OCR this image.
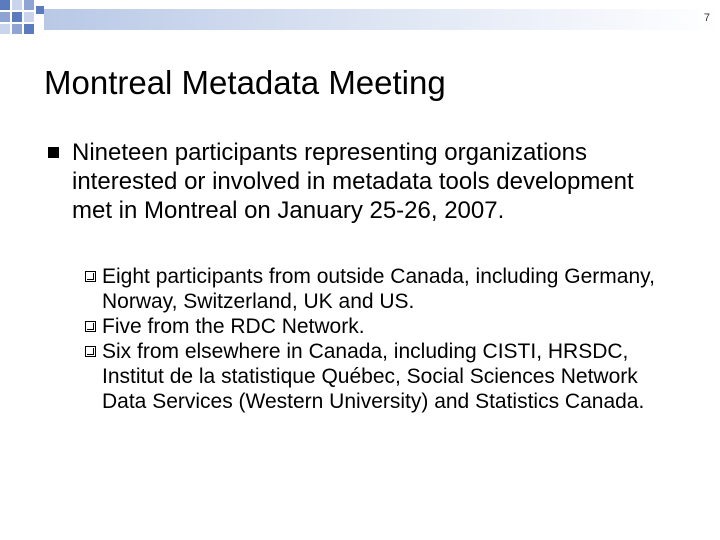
7
Montreal Metadata Meeting
Nineteen participants representing organizations interested or involved in metadata tools development met in Montreal on January 25-26, 2007.
Eight participants from outside Canada, including Germany, Norway, Switzerland, UK and US.
Five from the RDC Network.
Six from elsewhere in Canada, including CISTI, HRSDC, Institut de la statistique Québec, Social Sciences Network Data Services (Western University) and Statistics Canada.
